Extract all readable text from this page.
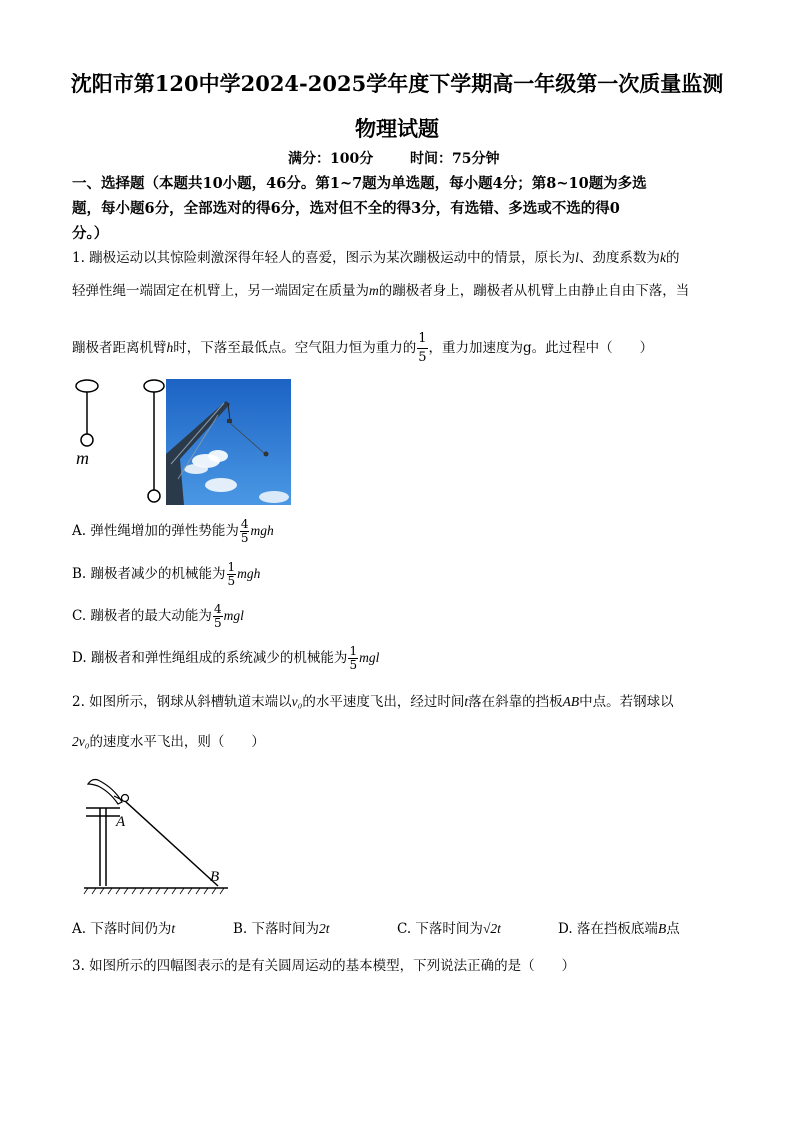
沈阳市第120中学2024-2025学年度下学期高一年级第一次质量监测
物理试题
满分：100分	时间：75分钟
一、选择题（本题共10小题，46分。第1~7题为单选题，每小题4分；第8~10题为多选
题，每小题6分，全部选对的得6分，选对但不全的得3分，有选错、多选或不选的得0
分。）
1. 蹦极运动以其惊险刺激深得年轻人的喜爱，图示为某次蹦极运动中的情景，原长为l、劲度系数为k的
轻弹性绳一端固定在机臂上，另一端固定在质量为m的蹦极者身上，蹦极者从机臂上由静止自由下落，当
蹦极者距离机臂h时，下落至最低点。空气阻力恒为重力的 $\frac{1}{5}$ ，重力加速度为g。此过程中（　　）
m
A. 弹性绳增加的弹性势能为 $\frac{4}{5}$ mgh
B. 蹦极者减少的机械能为 $\frac{1}{5}$ mgh
C. 蹦极者的最大动能为 $\frac{4}{5}$ mgl
D. 蹦极者和弹性绳组成的系统减少的机械能为 $\frac{1}{5}$ mgl
2. 如图所示，钢球从斜槽轨道末端以v₀的水平速度飞出，经过时间t落在斜靠的挡板AB中点。若钢球以
2v₀的速度水平飞出，则（　　）
A
B
A. 下落时间仍为t	B. 下落时间为2t	C. 下落时间为√2t	D. 落在挡板底端B点
3. 如图所示的四幅图表示的是有关圆周运动的基本模型，下列说法正确的是（　　）
